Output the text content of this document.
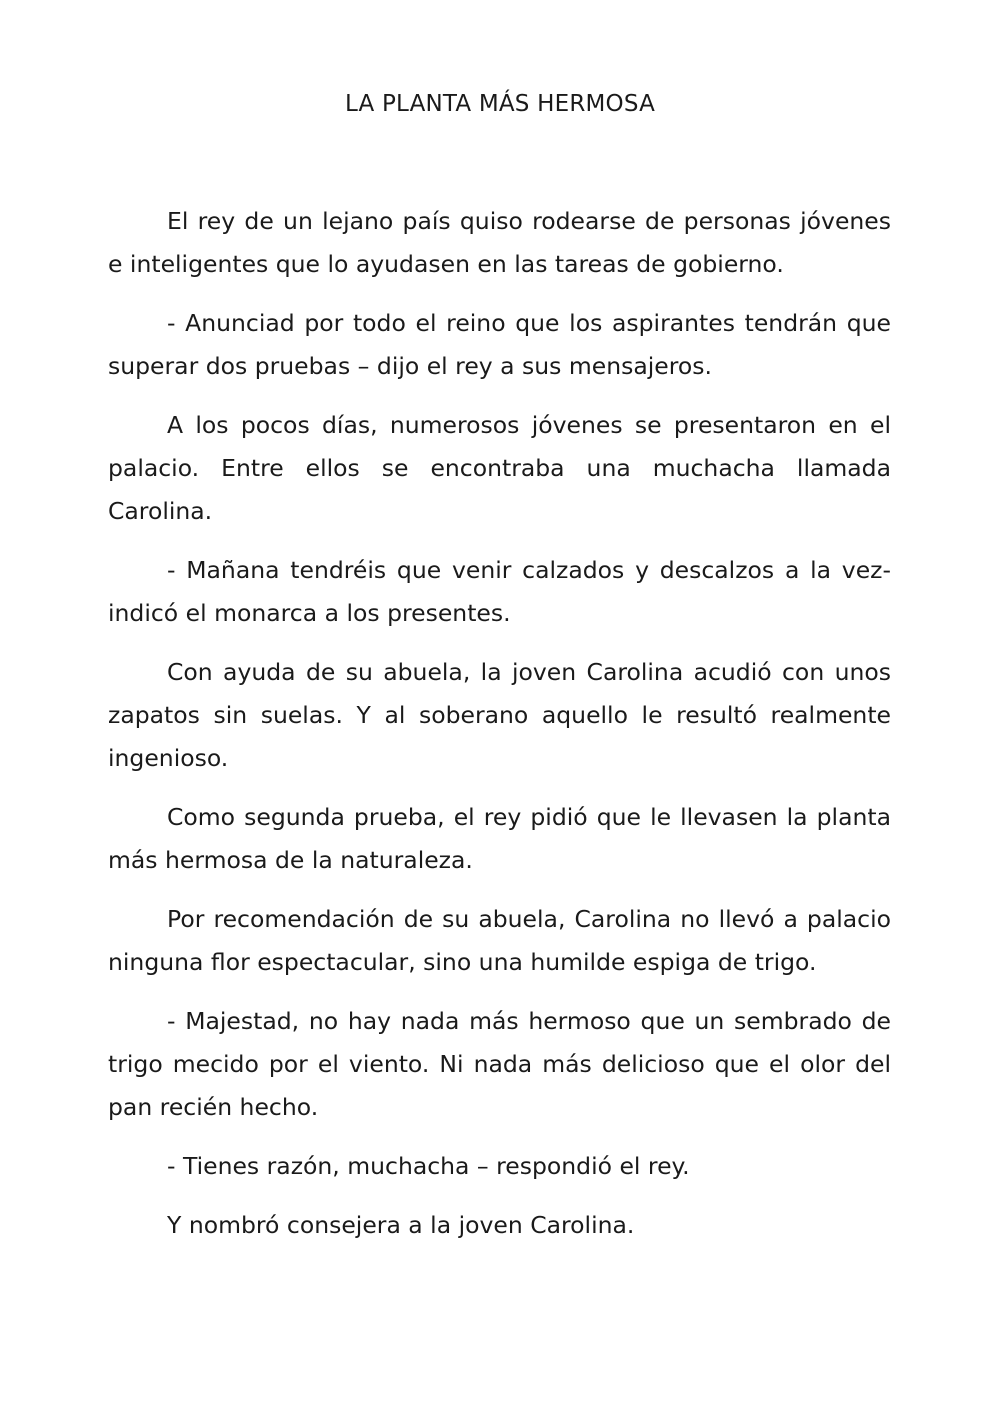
LA PLANTA MÁS HERMOSA

El rey de un lejano país quiso rodearse de personas jóvenes e inteligentes que lo ayudasen en las tareas de gobierno.

- Anunciad por todo el reino que los aspirantes tendrán que superar dos pruebas – dijo el rey a sus mensajeros.

A los pocos días, numerosos jóvenes se presentaron en el palacio. Entre ellos se encontraba una muchacha llamada Carolina.

- Mañana tendréis que venir calzados y descalzos a la vez- indicó el monarca a los presentes.

Con ayuda de su abuela, la joven Carolina acudió con unos zapatos sin suelas. Y al soberano aquello le resultó realmente ingenioso.

Como segunda prueba, el rey pidió que le llevasen la planta más hermosa de la naturaleza.

Por recomendación de su abuela, Carolina no llevó a palacio ninguna flor espectacular, sino una humilde espiga de trigo.

- Majestad, no hay nada más hermoso que un sembrado de trigo mecido por el viento. Ni nada más delicioso que el olor del pan recién hecho.

- Tienes razón, muchacha – respondió el rey.

Y nombró consejera a la joven Carolina.
